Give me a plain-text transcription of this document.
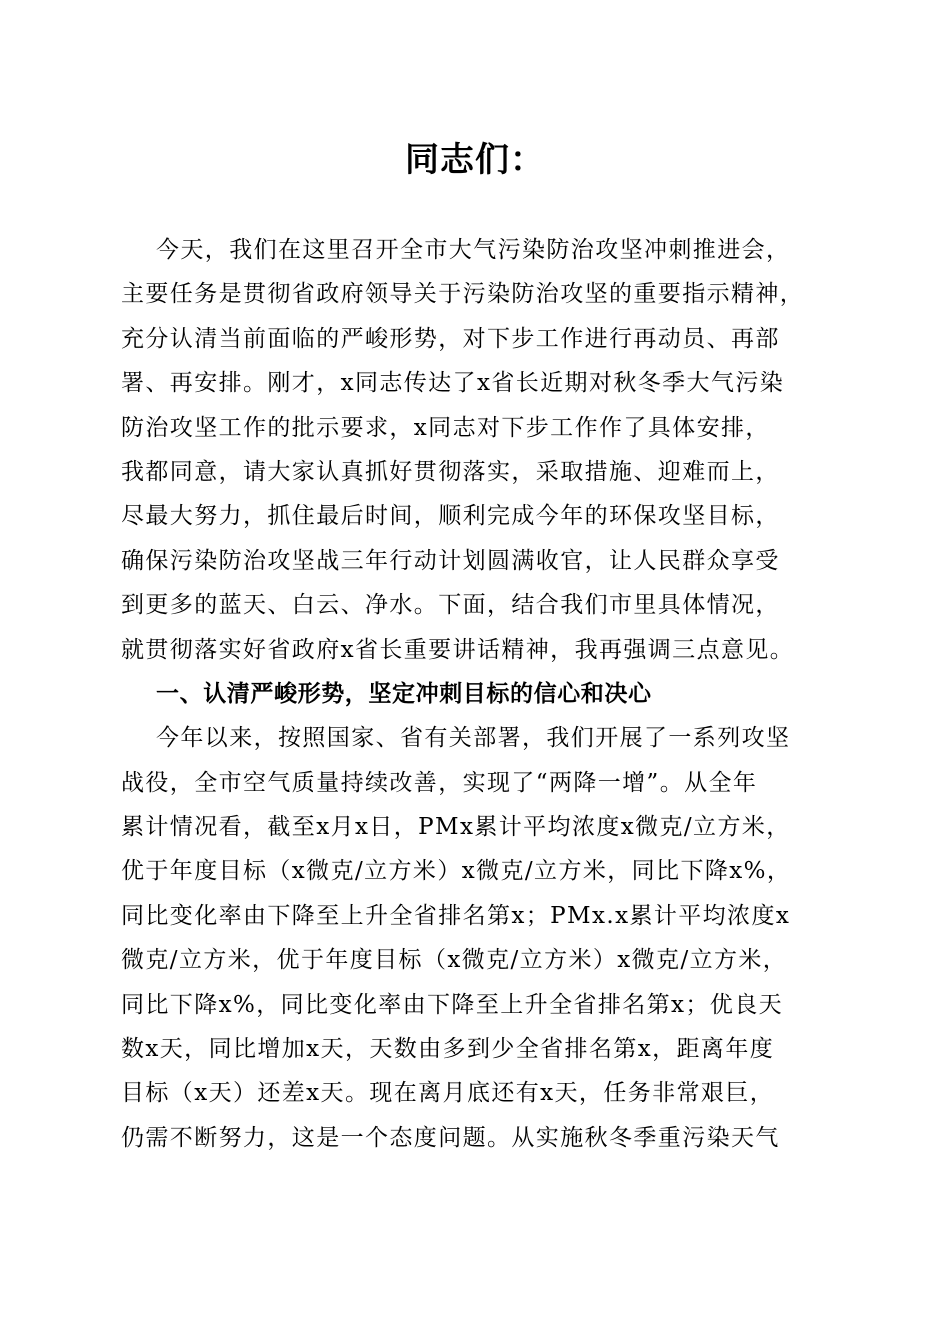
同志们：
今天，我们在这里召开全市大气污染防治攻坚冲刺推进会，
主要任务是贯彻省政府领导关于污染防治攻坚的重要指示精神，
充分认清当前面临的严峻形势，对下步工作进行再动员、再部
署、再安排。刚才，x同志传达了x省长近期对秋冬季大气污染
防治攻坚工作的批示要求，x同志对下步工作作了具体安排，
我都同意，请大家认真抓好贯彻落实，采取措施、迎难而上，
尽最大努力，抓住最后时间，顺利完成今年的环保攻坚目标，
确保污染防治攻坚战三年行动计划圆满收官，让人民群众享受
到更多的蓝天、白云、净水。下面，结合我们市里具体情况，
就贯彻落实好省政府x省长重要讲话精神，我再强调三点意见。
一、认清严峻形势，坚定冲刺目标的信心和决心
今年以来，按照国家、省有关部署，我们开展了一系列攻坚
战役，全市空气质量持续改善，实现了“两降一增”。从全年
累计情况看，截至x月x日，PMx累计平均浓度x微克/立方米，
优于年度目标（x微克/立方米）x微克/立方米，同比下降x%，
同比变化率由下降至上升全省排名第x；PMx.x累计平均浓度x
微克/立方米，优于年度目标（x微克/立方米）x微克/立方米，
同比下降x%，同比变化率由下降至上升全省排名第x；优良天
数x天，同比增加x天，天数由多到少全省排名第x，距离年度
目标（x天）还差x天。现在离月底还有x天，任务非常艰巨，
仍需不断努力，这是一个态度问题。从实施秋冬季重污染天气
